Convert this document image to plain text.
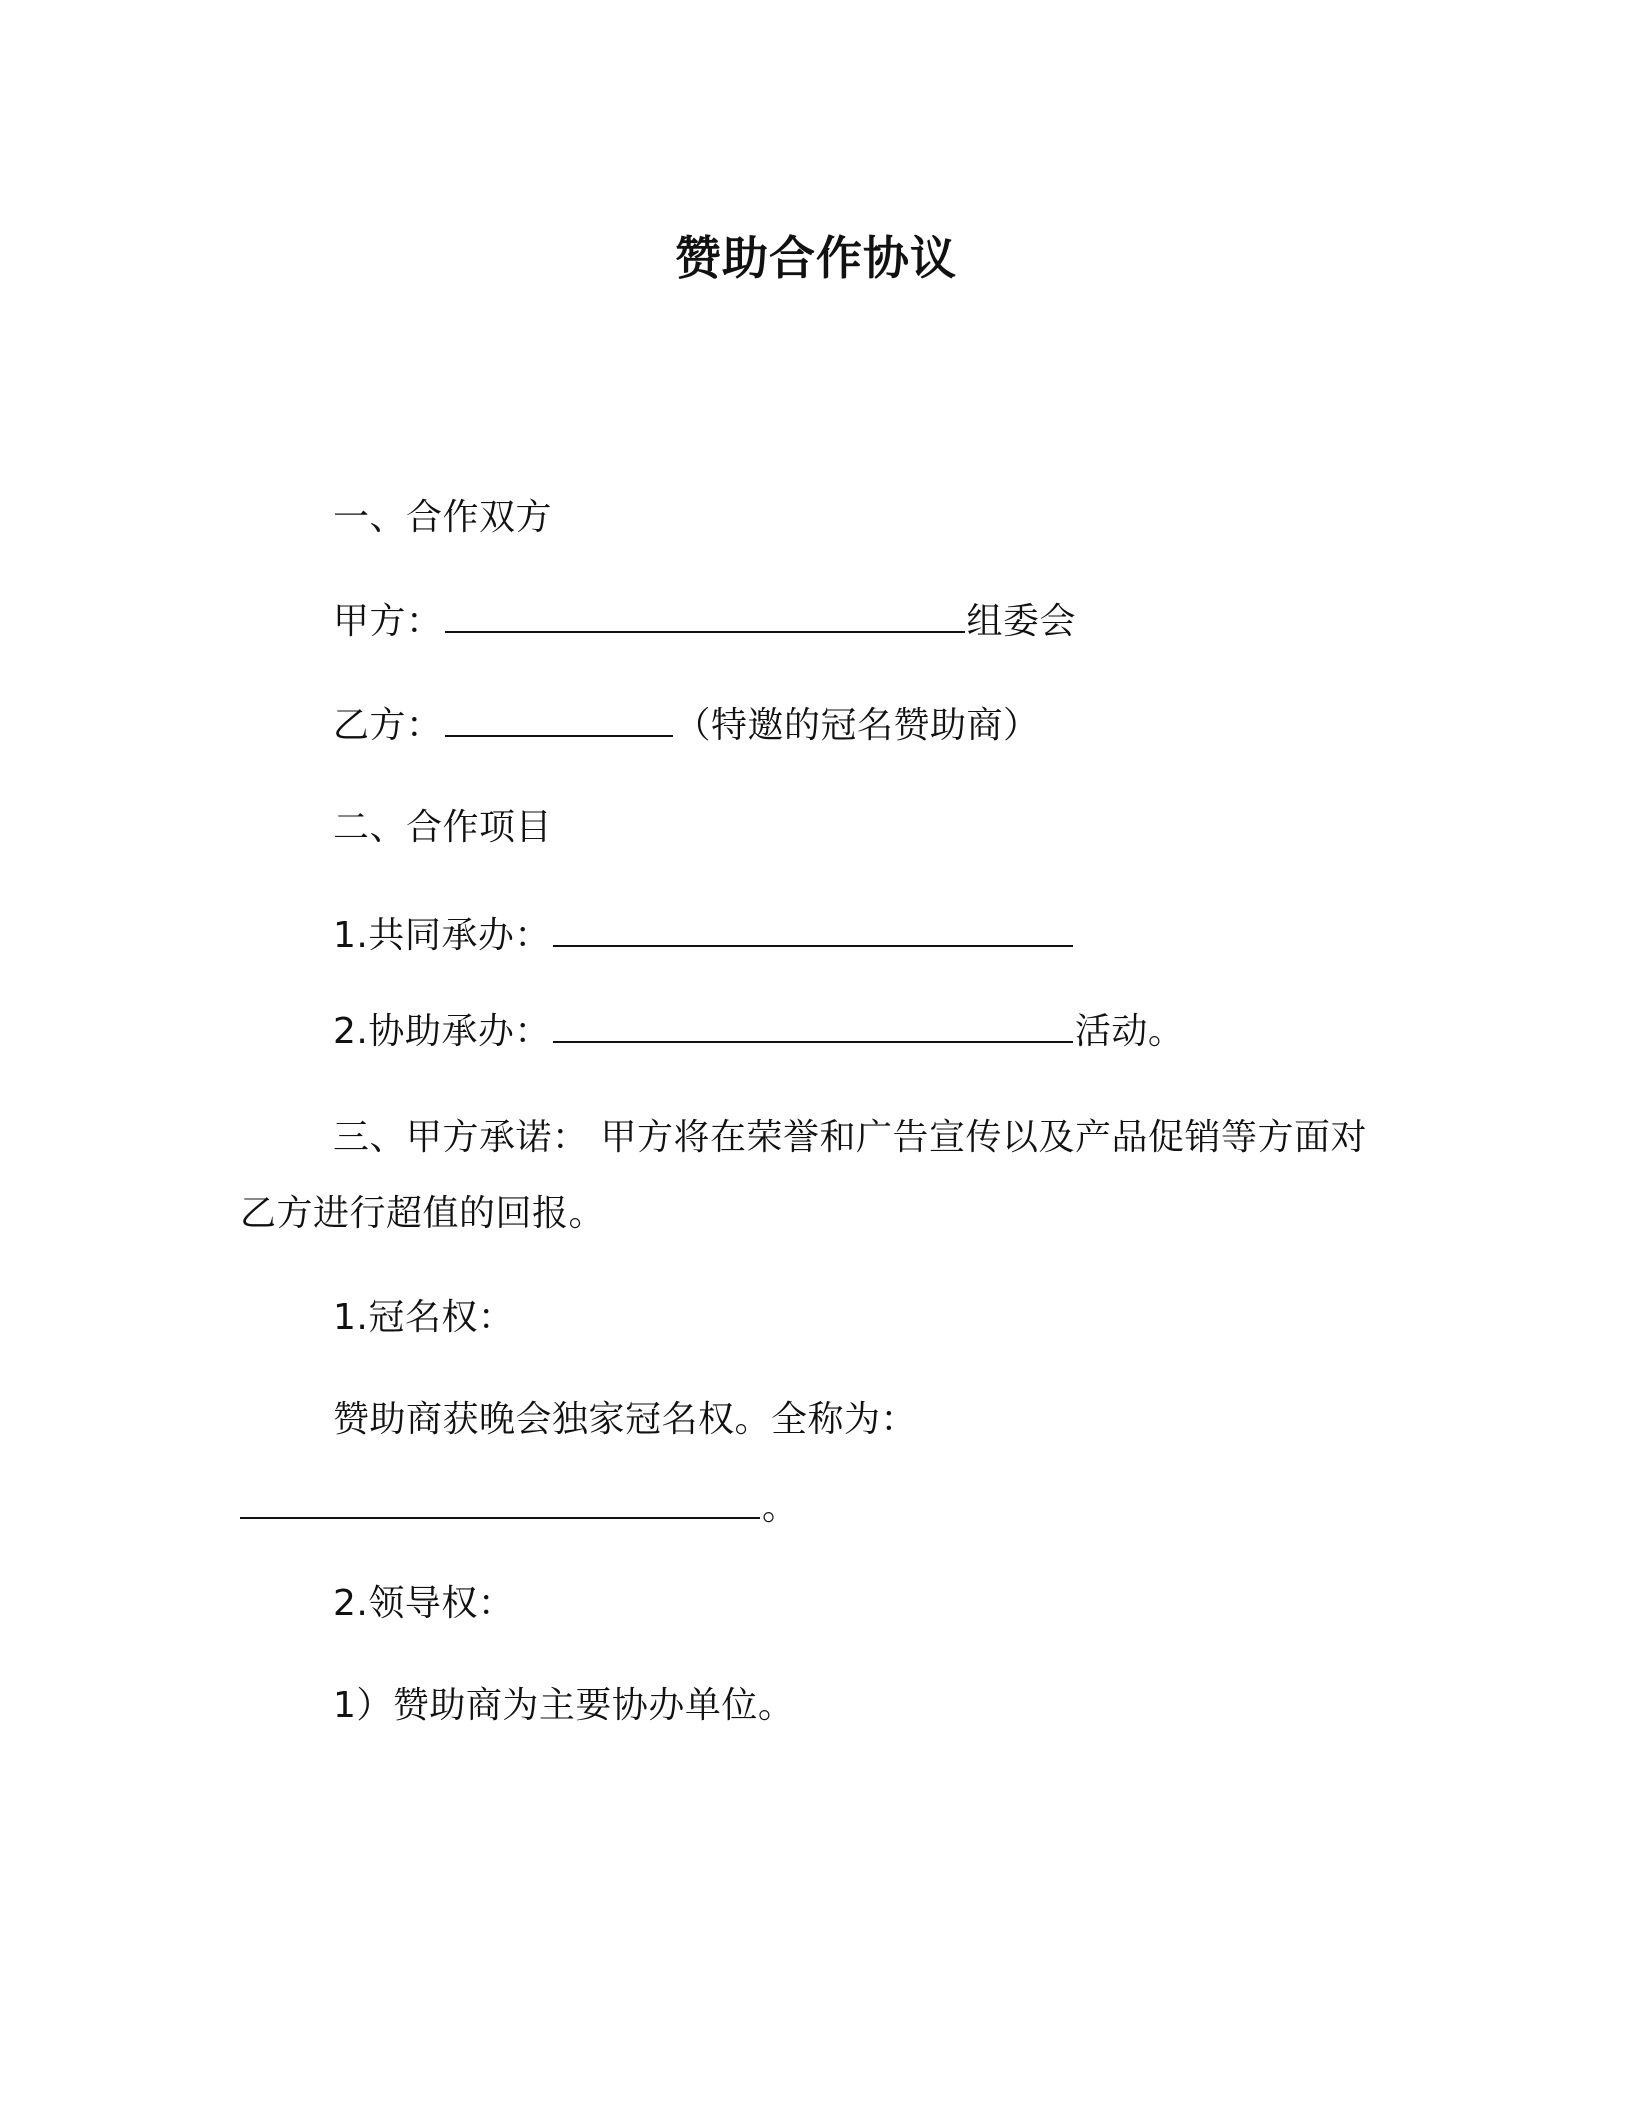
赞助合作协议
一、合作双方
甲方：	组委会
乙方：	（特邀的冠名赞助商）
二、合作项目
1.共同承办：
2.协助承办：	活动。
三、甲方承诺： 甲方将在荣誉和广告宣传以及产品促销等方面对
乙方进行超值的回报。
1.冠名权：
赞助商获晚会独家冠名权。全称为：
。
2.领导权：
1）赞助商为主要协办单位。
